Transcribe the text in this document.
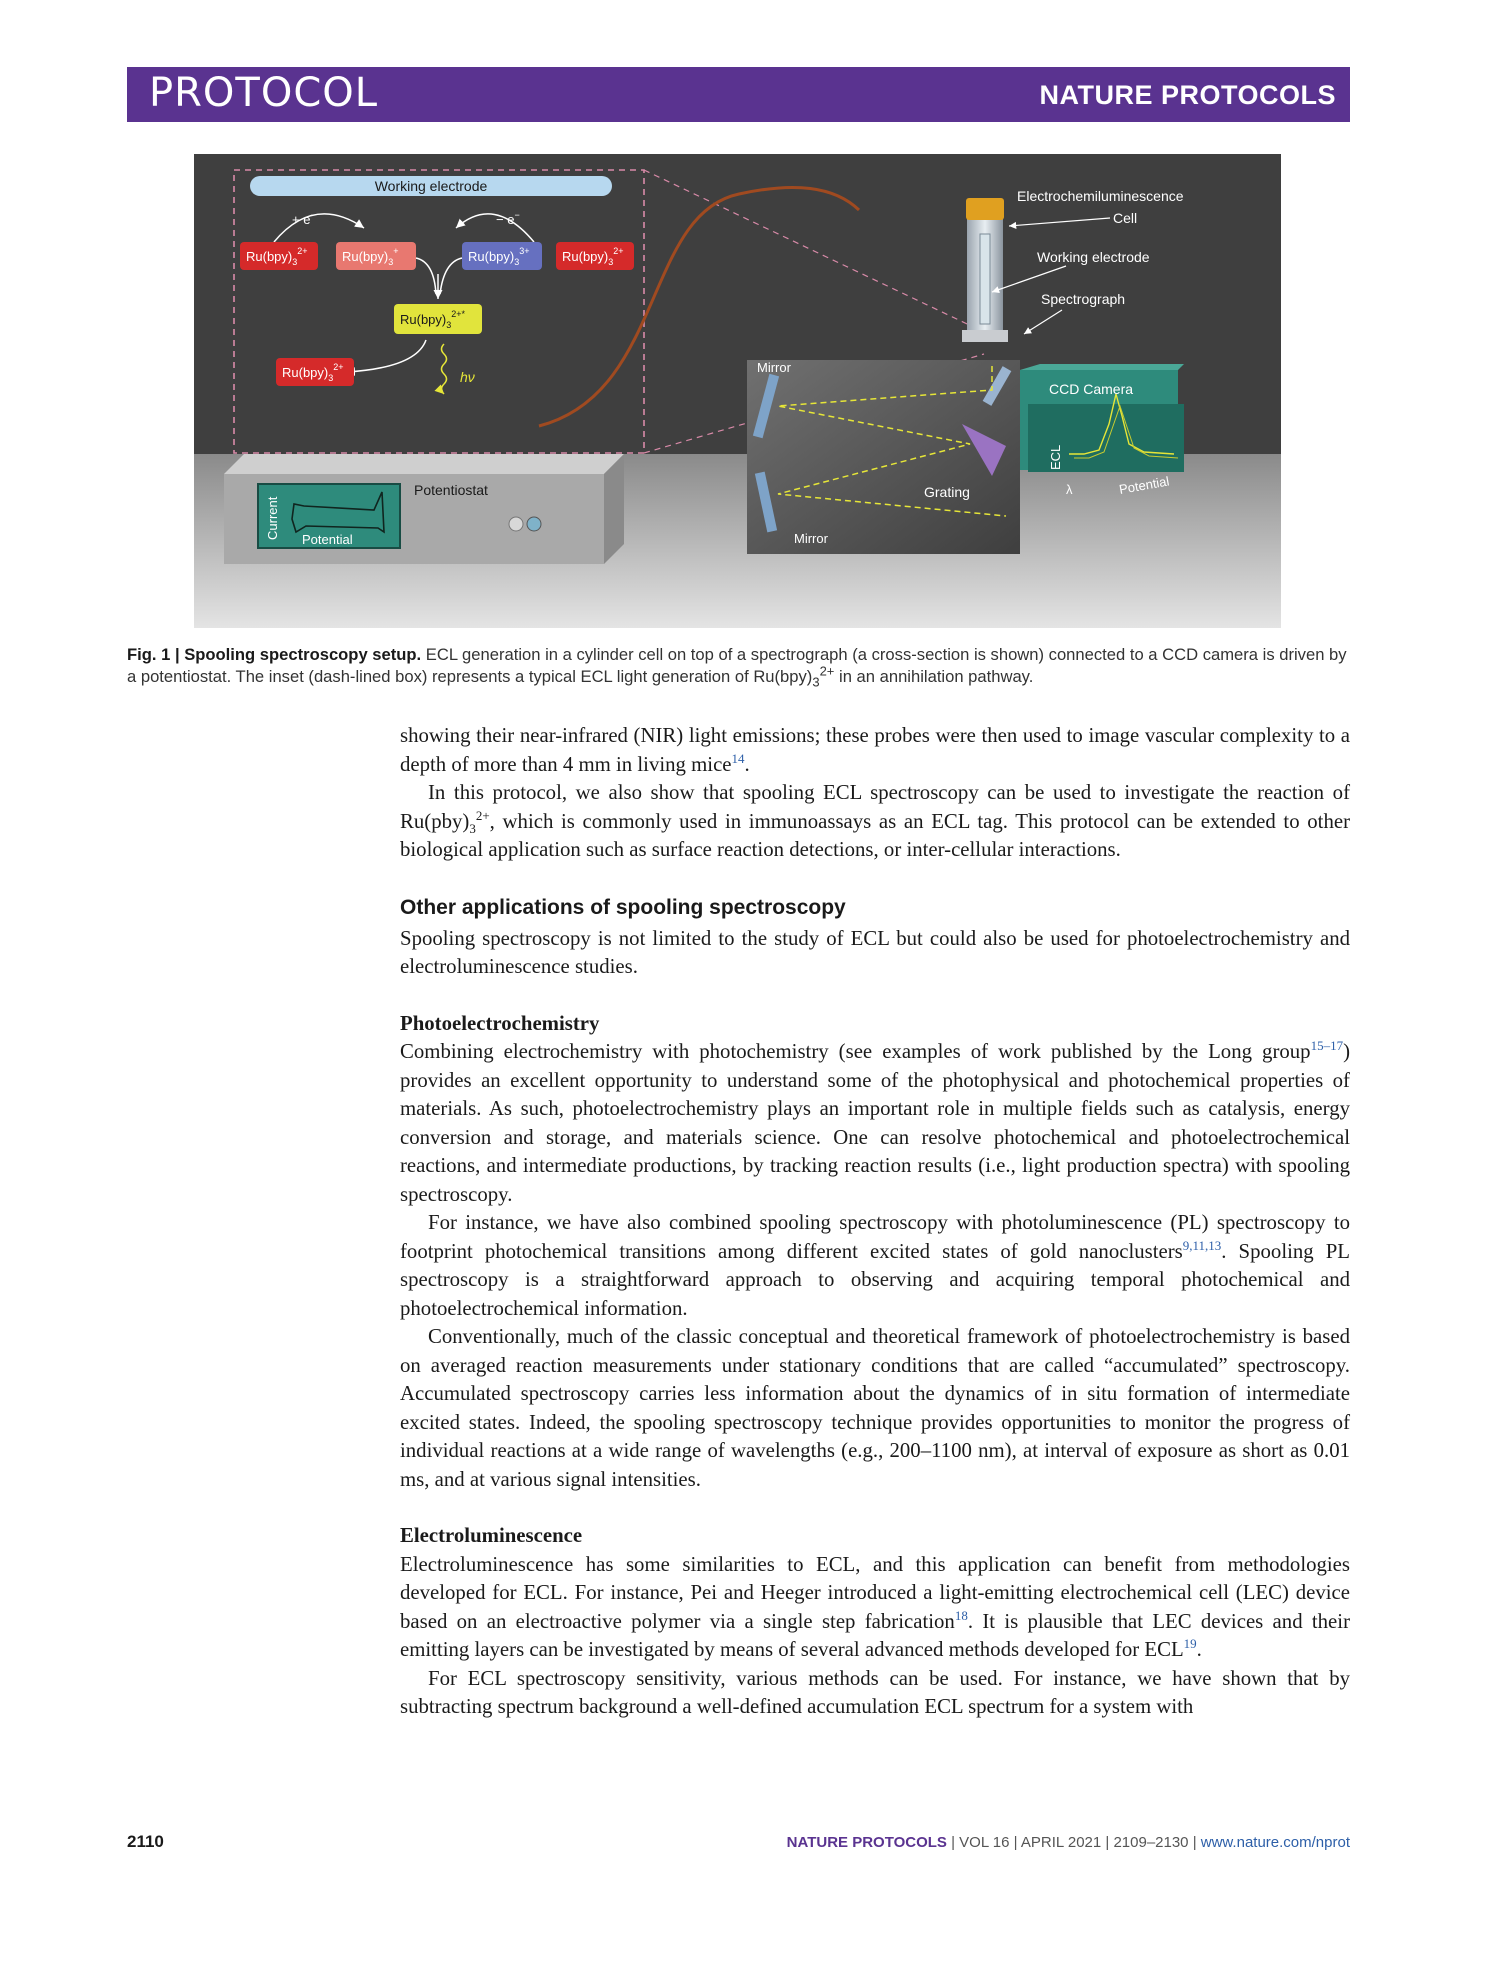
PROTOCOL	NATURE PROTOCOLS
Working electrode
+ e−	− e−
$Ru(bpy)_3^{2+}$	$Ru(bpy)_3^+$	$Ru(bpy)_3^{3+}$ $Ru(bpy)_3^{2+}$
$Ru(bpy)_3^{2+*}$
$Ru(bpy)_3^{2+}$
hν
Current Potential
Potentiostat
Mirror
Mirror
Grating
Electrochemiluminescence
Cell
Working electrode
Spectrograph
ECL
λ	Potential
CCD Camera
Fig. 1 | Spooling spectroscopy setup. ECL generation in a cylinder cell on top of a spectrograph (a cross-section is shown) connected to a CCD camera is driven by a potentiostat. The inset (dash-lined box) represents a typical ECL light generation of $Ru(bpy)_3^{2+}$ in an annihilation pathway.

showing their near-infrared (NIR) light emissions; these probes were then used to image vascular complexity to a depth of more than 4 mm in living mice$^{14}$.

In this protocol, we also show that spooling ECL spectroscopy can be used to investigate the reaction of $Ru(pby)_3^{2+}$, which is commonly used in immunoassays as an ECL tag. This protocol can be extended to other biological application such as surface reaction detections, or inter-cellular interactions.

Other applications of spooling spectroscopy

Spooling spectroscopy is not limited to the study of ECL but could also be used for photoelectrochemistry and electroluminescence studies.

Photoelectrochemistry

Combining electrochemistry with photochemistry (see examples of work published by the Long group$^{15-17}$) provides an excellent opportunity to understand some of the photophysical and photochemical properties of materials. As such, photoelectrochemistry plays an important role in multiple fields such as catalysis, energy conversion and storage, and materials science. One can resolve photochemical and photoelectrochemical reactions, and intermediate productions, by tracking reaction results (i.e., light production spectra) with spooling spectroscopy.

For instance, we have also combined spooling spectroscopy with photoluminescence (PL) spectroscopy to footprint photochemical transitions among different excited states of gold nanoclusters$^{9,11,13}$. Spooling PL spectroscopy is a straightforward approach to observing and acquiring temporal photochemical and photoelectrochemical information.

Conventionally, much of the classic conceptual and theoretical framework of photoelectrochemistry is based on averaged reaction measurements under stationary conditions that are called “accumulated” spectroscopy. Accumulated spectroscopy carries less information about the dynamics of in situ formation of intermediate excited states. Indeed, the spooling spectroscopy technique provides opportunities to monitor the progress of individual reactions at a wide range of wavelengths (e.g., 200–1100 nm), at interval of exposure as short as 0.01 ms, and at various signal intensities.

Electroluminescence

Electroluminescence has some similarities to ECL, and this application can benefit from methodologies developed for ECL. For instance, Pei and Heeger introduced a light-emitting electrochemical cell (LEC) device based on an electroactive polymer via a single step fabrication$^{18}$. It is plausible that LEC devices and their emitting layers can be investigated by means of several advanced methods developed for ECL$^{19}$.

For ECL spectroscopy sensitivity, various methods can be used. For instance, we have shown that by subtracting spectrum background a well-defined accumulation ECL spectrum for a system with

2110	NATURE PROTOCOLS | VOL 16 | APRIL 2021 | 2109–2130 | www.nature.com/nprot
